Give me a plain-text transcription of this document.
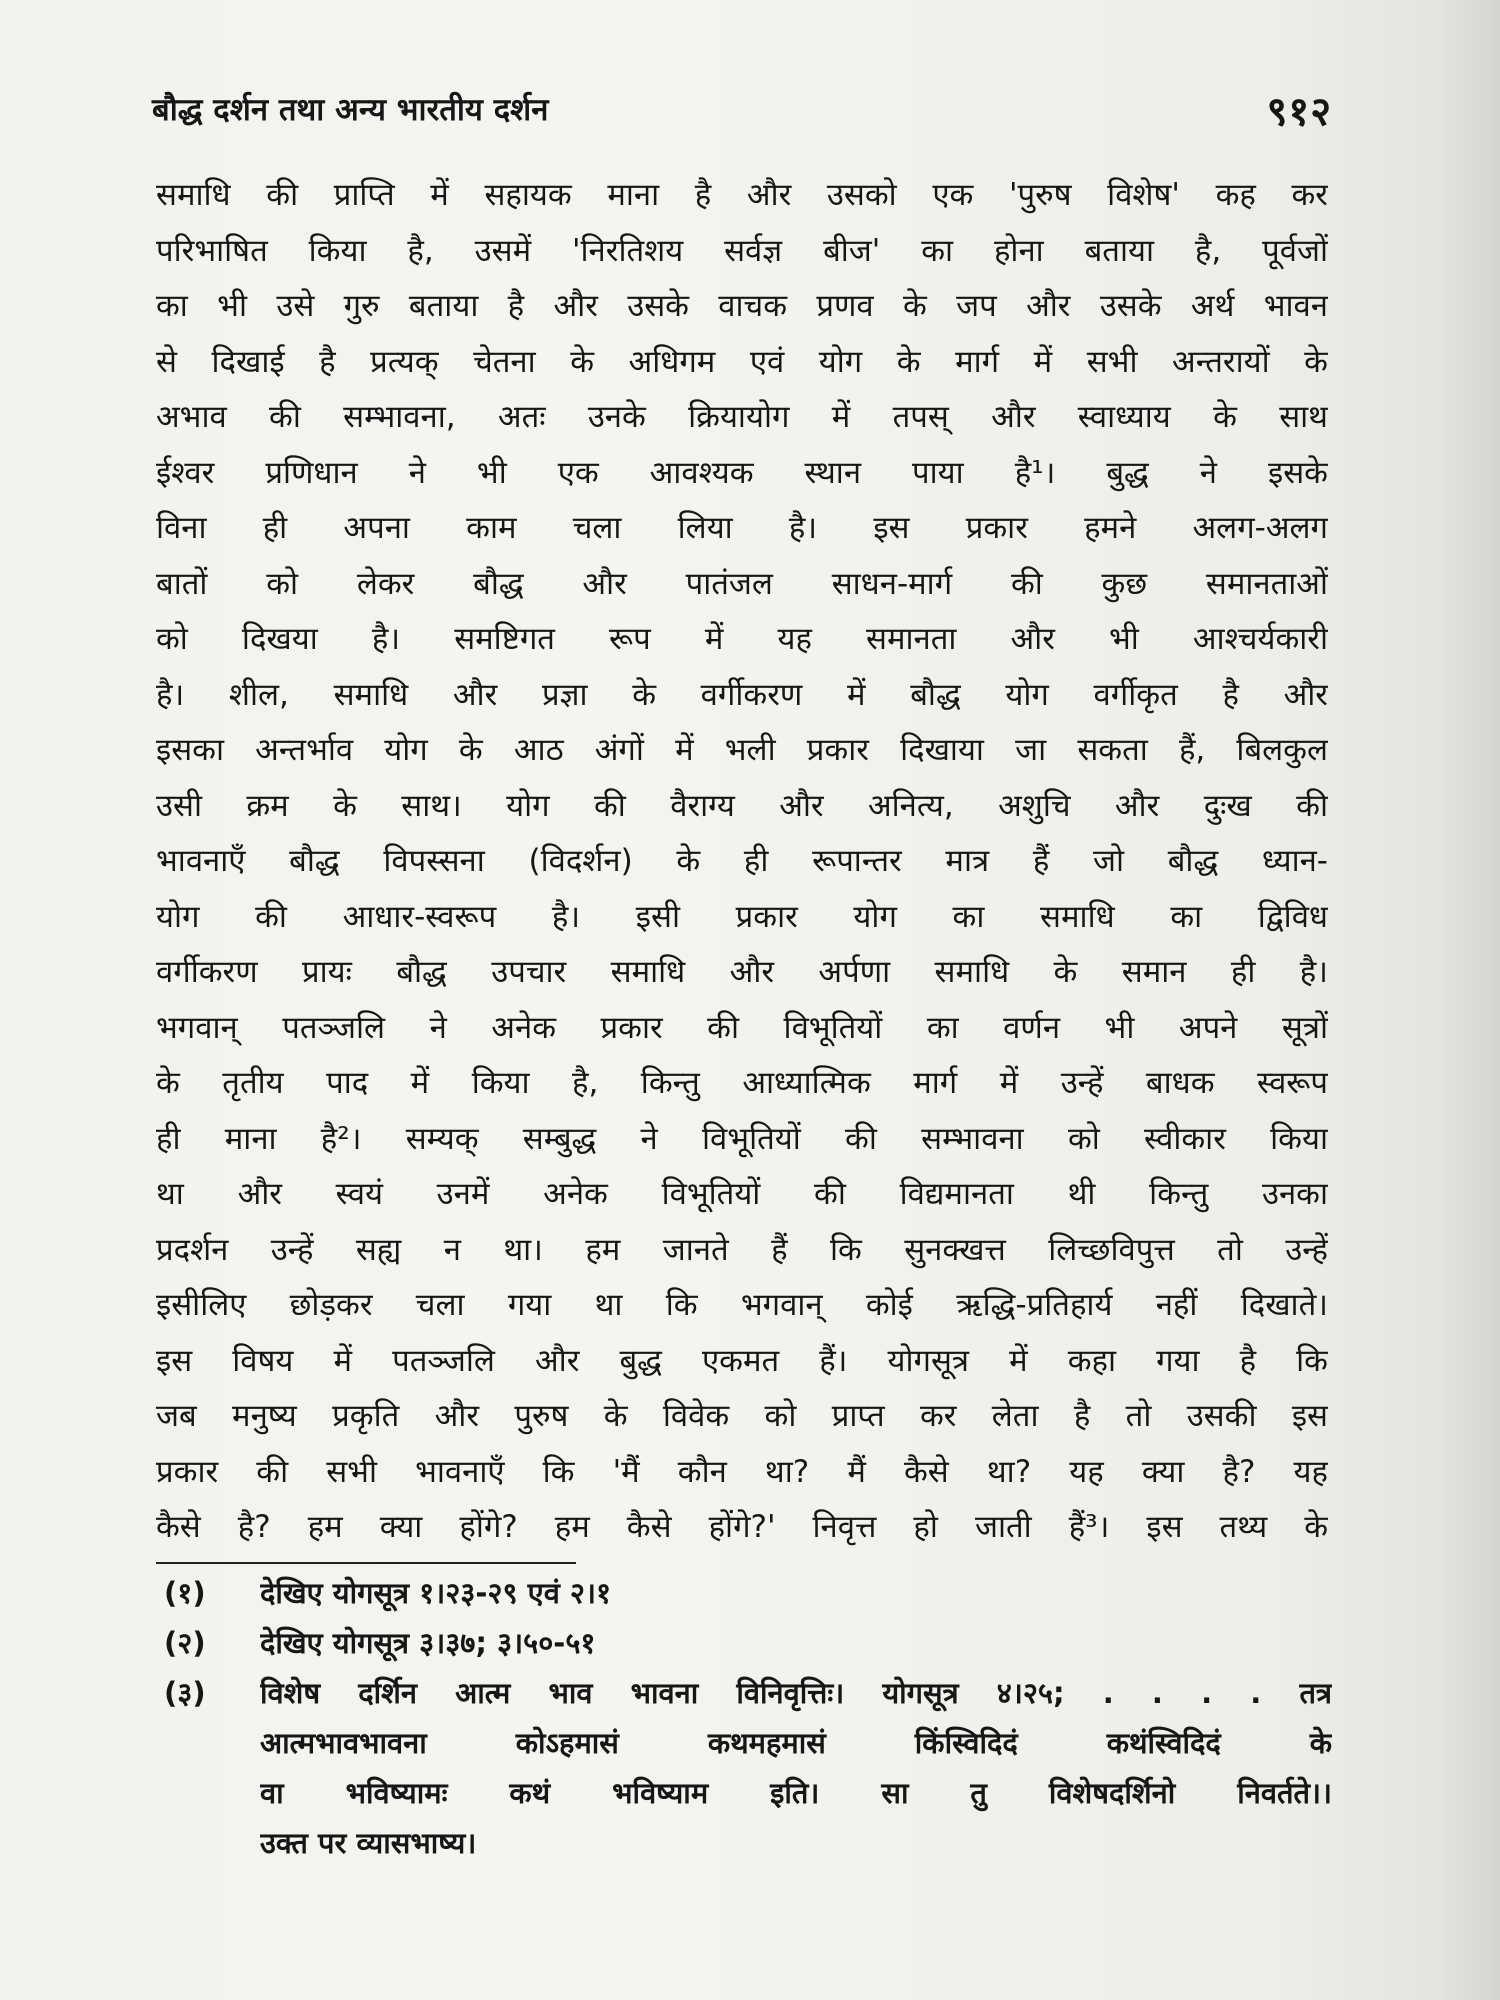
बौद्ध दर्शन तथा अन्य भारतीय दर्शन	९१२
समाधि की प्राप्ति में सहायक माना है और उसको एक 'पुरुष विशेष' कह कर
परिभाषित किया है, उसमें 'निरतिशय सर्वज्ञ बीज' का होना बताया है, पूर्वजों
का भी उसे गुरु बताया है और उसके वाचक प्रणव के जप और उसके अर्थ भावन
से दिखाई है प्रत्यक् चेतना के अधिगम एवं योग के मार्ग में सभी अन्तरायों के
अभाव की सम्भावना, अतः उनके क्रियायोग में तपस् और स्वाध्याय के साथ
ईश्वर प्रणिधान ने भी एक आवश्यक स्थान पाया है¹। बुद्ध ने इसके
विना ही अपना काम चला लिया है। इस प्रकार हमने अलग-अलग
बातों को लेकर बौद्ध और पातंजल साधन-मार्ग की कुछ समानताओं
को दिखया है। समष्टिगत रूप में यह समानता और भी आश्चर्यकारी
है। शील, समाधि और प्रज्ञा के वर्गीकरण में बौद्ध योग वर्गीकृत है और
इसका अन्तर्भाव योग के आठ अंगों में भली प्रकार दिखाया जा सकता हैं, बिलकुल
उसी क्रम के साथ। योग की वैराग्य और अनित्य, अशुचि और दुःख की
भावनाएँ बौद्ध विपस्सना (विदर्शन) के ही रूपान्तर मात्र हैं जो बौद्ध ध्यान-
योग की आधार-स्वरूप है। इसी प्रकार योग का समाधि का द्विविध
वर्गीकरण प्रायः बौद्ध उपचार समाधि और अर्पणा समाधि के समान ही है।
भगवान् पतञ्जलि ने अनेक प्रकार की विभूतियों का वर्णन भी अपने सूत्रों
के तृतीय पाद में किया है, किन्तु आध्यात्मिक मार्ग में उन्हें बाधक स्वरूप
ही माना है²। सम्यक् सम्बुद्ध ने विभूतियों की सम्भावना को स्वीकार किया
था और स्वयं उनमें अनेक विभूतियों की विद्यमानता थी किन्तु उनका
प्रदर्शन उन्हें सह्य न था। हम जानते हैं कि सुनक्खत्त लिच्छविपुत्त तो उन्हें
इसीलिए छोड़कर चला गया था कि भगवान् कोई ऋद्धि-प्रतिहार्य नहीं दिखाते।
इस विषय में पतञ्जलि और बुद्ध एकमत हैं। योगसूत्र में कहा गया है कि
जब मनुष्य प्रकृति और पुरुष के विवेक को प्राप्त कर लेता है तो उसकी इस
प्रकार की सभी भावनाएँ कि 'मैं कौन था? मैं कैसे था? यह क्या है? यह
कैसे है? हम क्या होंगे? हम कैसे होंगे?' निवृत्त हो जाती हैं³। इस तथ्य के
(१)	देखिए योगसूत्र १।२३-२९ एवं २।१
(२)	देखिए योगसूत्र ३।३७; ३।५०-५१
(३)	विशेष दर्शिन आत्म भाव भावना विनिवृत्तिः। योगसूत्र ४।२५; . . . . तत्र
आत्मभावभावना कोऽहमासं कथमहमासं किंस्विदिदं कथंस्विदिदं के
वा भविष्यामः कथं भविष्याम इति। सा तु विशेषदर्शिनो निवर्तते।।
उक्त पर व्यासभाष्य।
